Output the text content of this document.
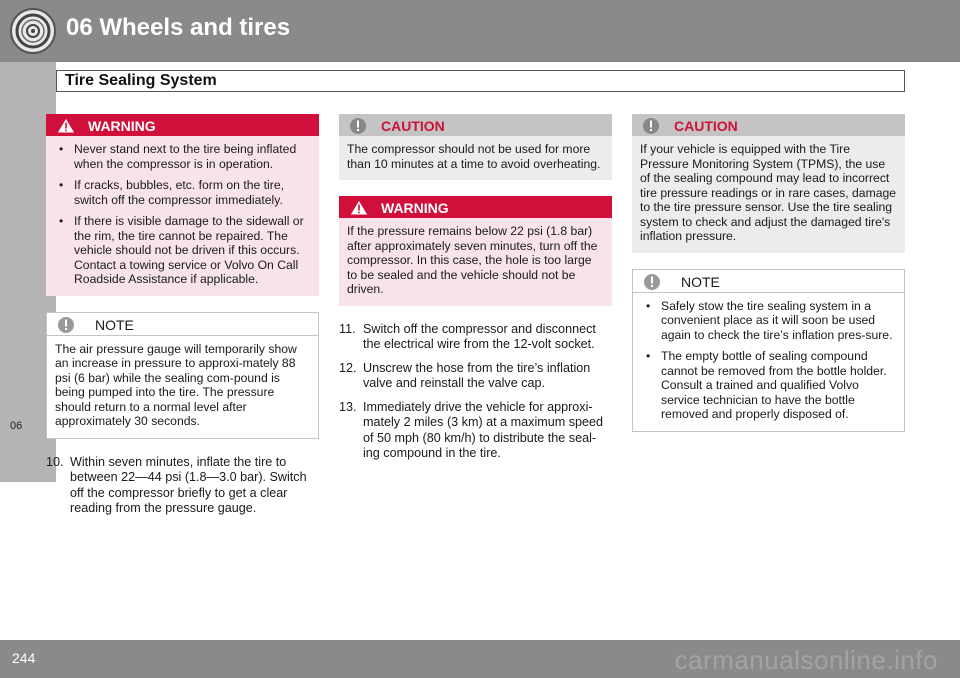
06 Wheels and tires
Tire Sealing System
06
WARNING
• Never stand next to the tire being inflated when the compressor is in operation.
• If cracks, bubbles, etc. form on the tire, switch off the compressor immediately.
• If there is visible damage to the sidewall or the rim, the tire cannot be repaired. The vehicle should not be driven if this occurs. Contact a towing service or Volvo On Call Roadside Assistance if applicable.
NOTE

The air pressure gauge will temporarily show an increase in pressure to approxi-mately 88 psi (6 bar) while the sealing com-pound is being pumped into the tire. The pressure should return to a normal level after approximately 30 seconds.

10. Within seven minutes, inflate the tire to between 22—44 psi (1.8—3.0 bar). Switch off the compressor briefly to get a clear reading from the pressure gauge.
CAUTION

The compressor should not be used for more than 10 minutes at a time to avoid overheating.

WARNING

If the pressure remains below 22 psi (1.8 bar) after approximately seven minutes, turn off the compressor. In this case, the hole is too large to be sealed and the vehicle should not be driven.

11. Switch off the compressor and disconnect the electrical wire from the 12-volt socket.
12. Unscrew the hose from the tire’s inflation valve and reinstall the valve cap.
13. Immediately drive the vehicle for approxi-mately 2 miles (3 km) at a maximum speed of 50 mph (80 km/h) to distribute the seal-ing compound in the tire.
CAUTION

If your vehicle is equipped with the Tire Pressure Monitoring System (TPMS), the use of the sealing compound may lead to incorrect tire pressure readings or in rare cases, damage to the tire pressure sensor. Use the tire sealing system to check and adjust the damaged tire's inflation pressure.

NOTE
• Safely stow the tire sealing system in a convenient place as it will soon be used again to check the tire’s inflation pres-sure.
• The empty bottle of sealing compound cannot be removed from the bottle holder. Consult a trained and qualified Volvo service technician to have the bottle removed and properly disposed of.
244	carmanualsonline.info
